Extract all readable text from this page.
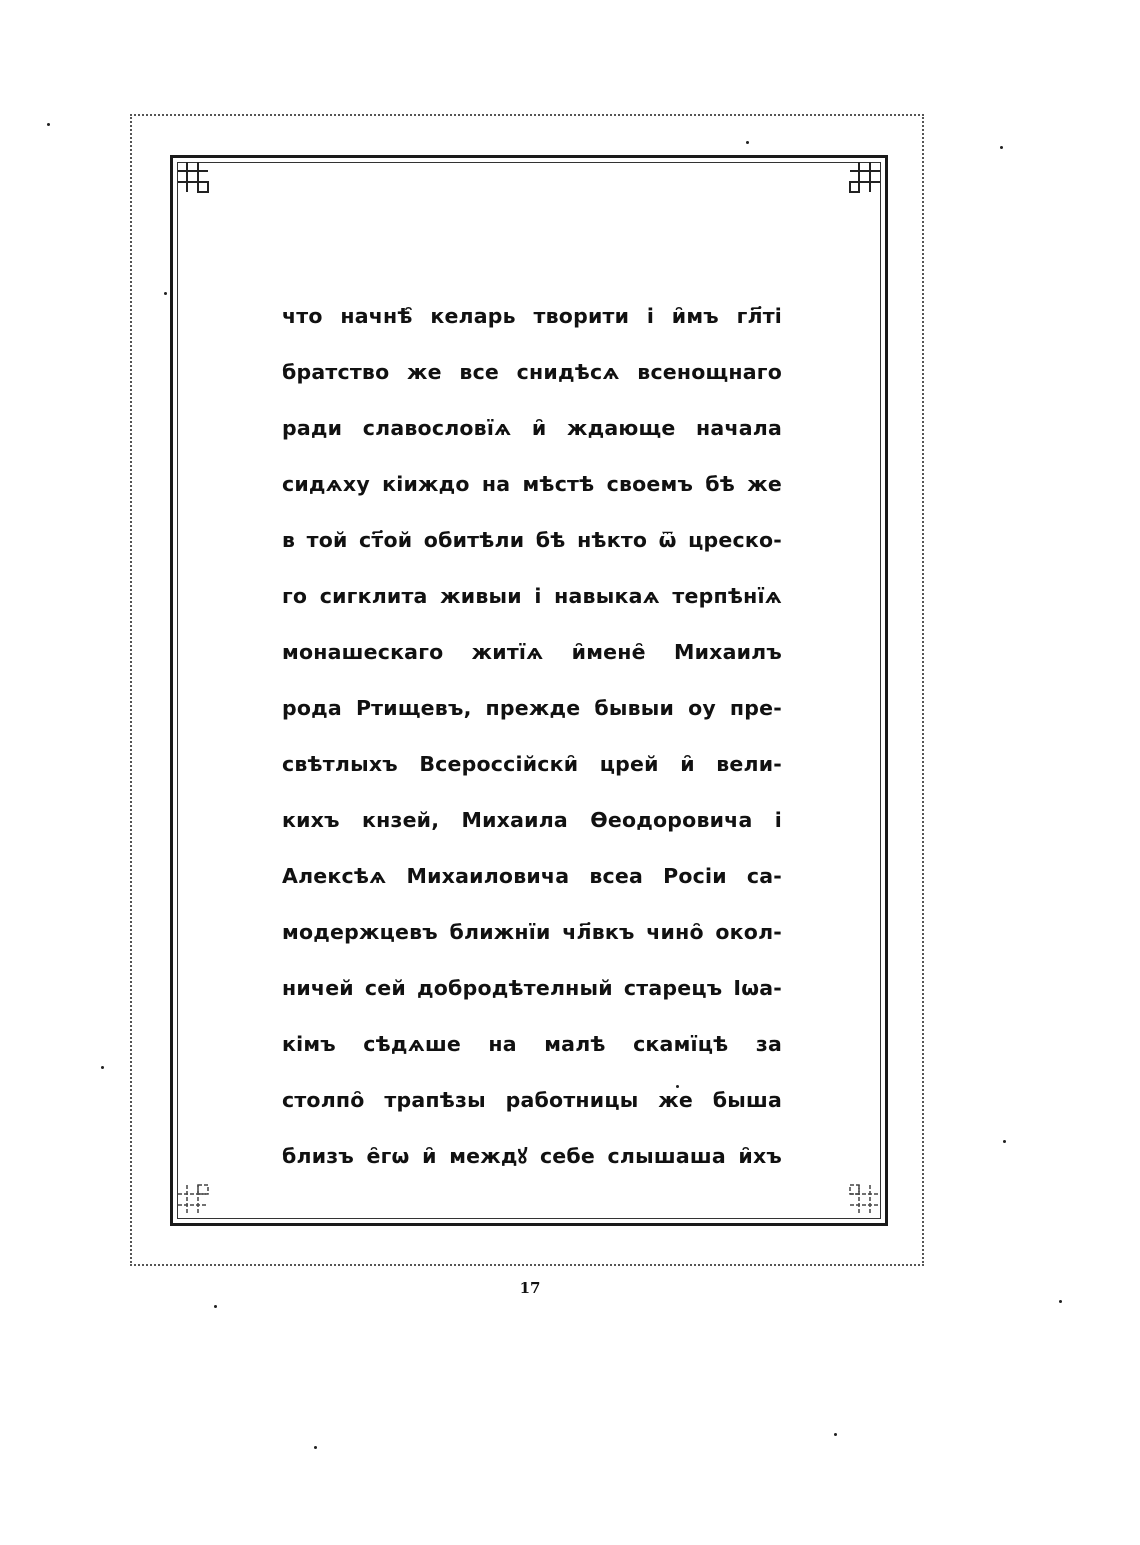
что начнѣ̑ келарь творити і и̑мъ гл҃ті
братство же все снидѣсѧ всенощнаго
ради славословїѧ и̑ ждающе начала
сидѧху кіиждо на мѣстѣ своемъ бѣ же
в той ст҃ой обитѣли бѣ нѣкто ѿ цреско-
го сигклита живыи і навыкаѧ терпѣнїѧ
монашескаго житїѧ и̑мене̑ Михаилъ
рода Ртищевъ, прежде бывыи оу пре-
свѣтлыхъ Всероссійски̑ црей и̑ вели-
кихъ кнзей, Михаила Ѳеодоровича і
Алексѣѧ Михаиловича всеа Росіи са-
модержцевъ ближнїи чл҃вкъ чино̑ окол-
ничей сей добродѣтелный старецъ Іѡа-
кімъ сѣдѧше на малѣ скамїцѣ за
столпо̑ трапѣзы работницы же быша
близъ е̑гѡ и̑ междꙋ себе слышаша и̑хъ
17
